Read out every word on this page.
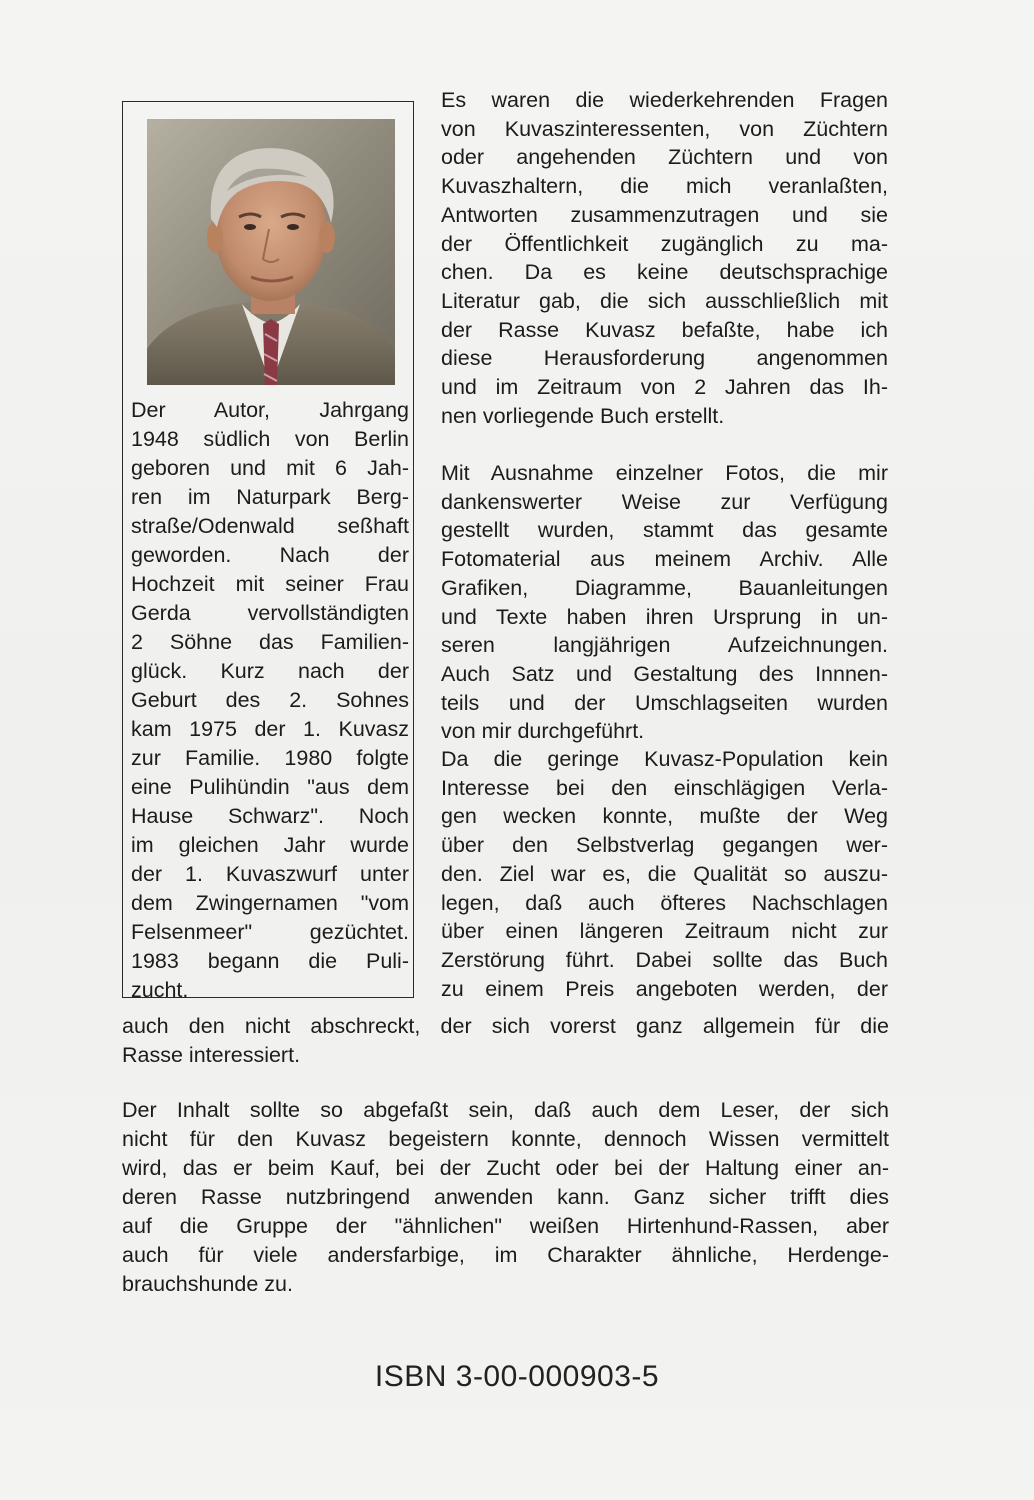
Der Autor, Jahrgang
1948 südlich von Berlin
geboren und mit 6 Jah-
ren im Naturpark Berg-
straße/Odenwald seßhaft
geworden. Nach der
Hochzeit mit seiner Frau
Gerda vervollständigten
2 Söhne das Familien-
glück. Kurz nach der
Geburt des 2. Sohnes
kam 1975 der 1. Kuvasz
zur Familie. 1980 folgte
eine Pulihündin "aus dem
Hause Schwarz". Noch
im gleichen Jahr wurde
der 1. Kuvaszwurf unter
dem Zwingernamen "vom
Felsenmeer" gezüchtet.
1983 begann die Puli-
zucht.
Es waren die wiederkehrenden Fragen
von Kuvaszinteressenten, von Züchtern
oder angehenden Züchtern und von
Kuvaszhaltern, die mich veranlaßten,
Antworten zusammenzutragen und sie
der Öffentlichkeit zugänglich zu ma-
chen. Da es keine deutschsprachige
Literatur gab, die sich ausschließlich mit
der Rasse Kuvasz befaßte, habe ich
diese Herausforderung angenommen
und im Zeitraum von 2 Jahren das Ih-
nen vorliegende Buch erstellt.
Mit Ausnahme einzelner Fotos, die mir
dankenswerter Weise zur Verfügung
gestellt wurden, stammt das gesamte
Fotomaterial aus meinem Archiv. Alle
Grafiken, Diagramme, Bauanleitungen
und Texte haben ihren Ursprung in un-
seren langjährigen Aufzeichnungen.
Auch Satz und Gestaltung des Innnen-
teils und der Umschlagseiten wurden
von mir durchgeführt.
Da die geringe Kuvasz-Population kein
Interesse bei den einschlägigen Verla-
gen wecken konnte, mußte der Weg
über den Selbstverlag gegangen wer-
den. Ziel war es, die Qualität so auszu-
legen, daß auch öfteres Nachschlagen
über einen längeren Zeitraum nicht zur
Zerstörung führt. Dabei sollte das Buch
zu einem Preis angeboten werden, der
auch den nicht abschreckt, der sich vorerst ganz allgemein für die
Rasse interessiert.
Der Inhalt sollte so abgefaßt sein, daß auch dem Leser, der sich
nicht für den Kuvasz begeistern konnte, dennoch Wissen vermittelt
wird, das er beim Kauf, bei der Zucht oder bei der Haltung einer an-
deren Rasse nutzbringend anwenden kann. Ganz sicher trifft dies
auf die Gruppe der "ähnlichen" weißen Hirtenhund-Rassen, aber
auch für viele andersfarbige, im Charakter ähnliche, Herdenge-
brauchshunde zu.
ISBN 3-00-000903-5
